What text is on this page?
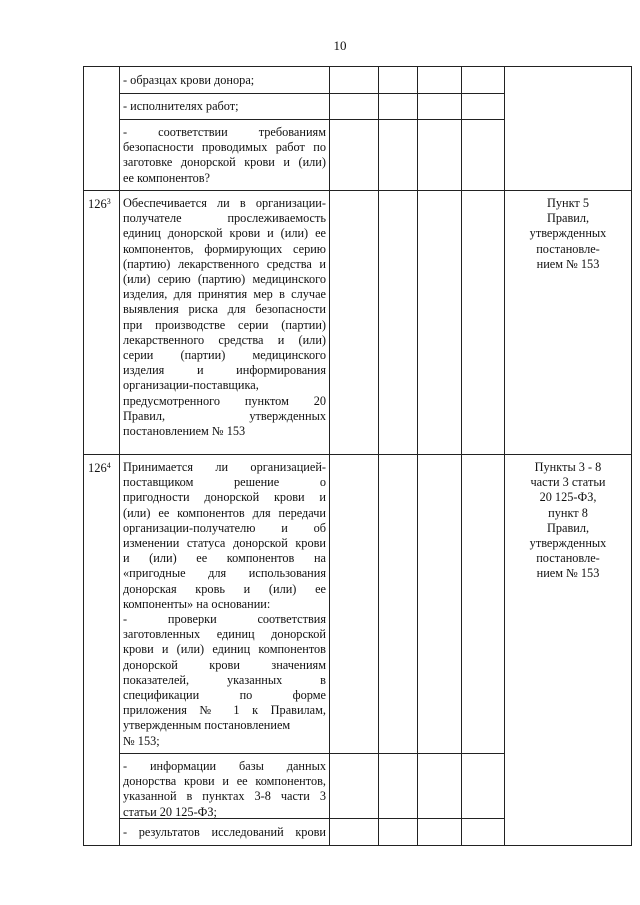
10
- образцах крови донора;
- исполнителях работ;
- соответствии требованиям
безопасности проводимых работ по
заготовке донорской крови и (или)
ее компонентов?
$126^3$ Обеспечивается ли в организации-
получателе прослеживаемость
единиц донорской крови и (или) ее
компонентов, формирующих серию
(партию) лекарственного средства и
(или) серию (партию) медицинского
изделия, для принятия мер в случае
выявления риска для безопасности
при производстве серии (партии)
лекарственного средства и (или)
серии (партии) медицинского
изделия и информирования
организации-поставщика,
предусмотренного пунктом 20
Правил, утвержденных
постановлением № 153
Пункт 5
Правил,
утвержденных
постановле-
нием № 153
$126^4$ Принимается ли организацией-
поставщиком решение о
пригодности донорской крови и
(или) ее компонентов для передачи
организации-получателю и об
изменении статуса донорской крови
и (или) ее компонентов на
«пригодные для использования
донорская кровь и (или) ее
компоненты» на основании:
- проверки соответствия
заготовленных единиц донорской
крови и (или) единиц компонентов
донорской крови значениям
показателей, указанных в
спецификации по форме
приложения № 1 к Правилам,
утвержденным постановлением
№ 153;
Пункты 3 - 8
части 3 статьи
20 125-ФЗ,
пункт 8
Правил,
утвержденных
постановле-
нием № 153
- информации базы данных
донорства крови и ее компонентов,
указанной в пунктах 3-8 части 3
статьи 20 125-ФЗ;
- результатов исследований крови
